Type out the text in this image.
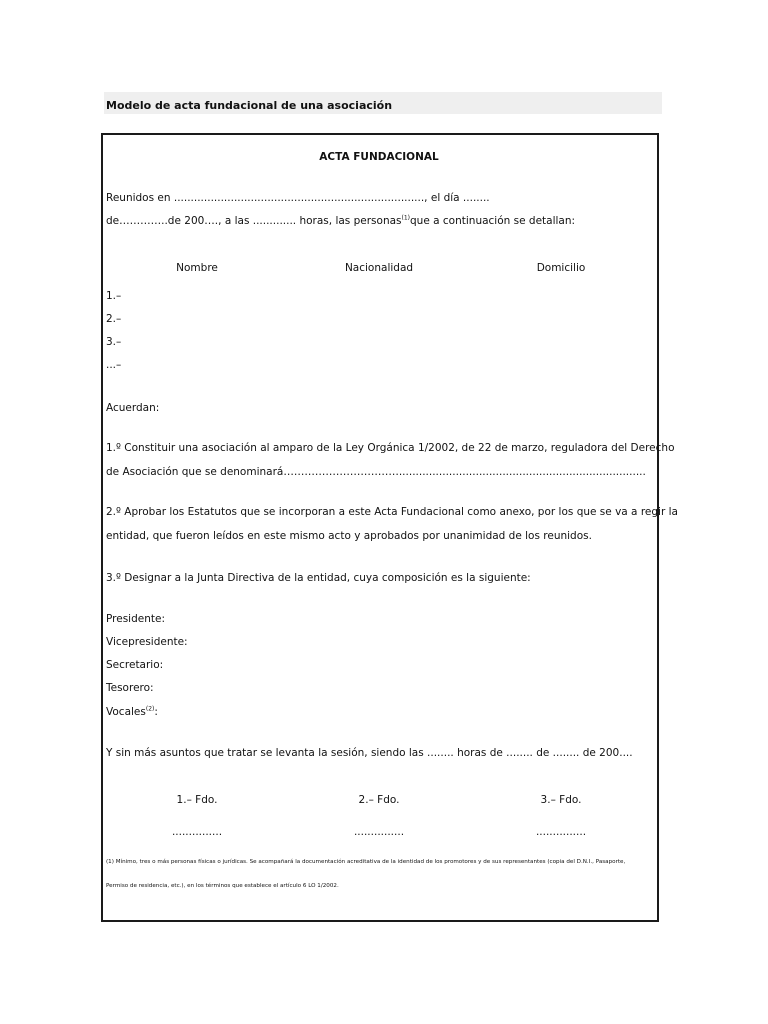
Modelo de acta fundacional de una asociación
ACTA FUNDACIONAL
Reunidos en ..........................................................................., el día ........
de…………..de 200…., a las ............. horas, las personas$^{(1)}$que a continuación se detallan:
Nombre	Nacionalidad	Domicilio
1.–
2.–
3.–
...–
Acuerdan:
1.º Constituir una asociación al amparo de la Ley Orgánica 1/2002, de 22 de marzo, reguladora del Derecho
de Asociación que se denominará……………………………..........................................................................
2.º Aprobar los Estatutos que se incorporan a este Acta Fundacional como anexo, por los que se va a regir la
entidad, que fueron leídos en este mismo acto y aprobados por unanimidad de los reunidos.
3.º Designar a la Junta Directiva de la entidad, cuya composición es la siguiente:
Presidente:
Vicepresidente:
Secretario:
Tesorero:
Vocales$^{(2)}$:
Y sin más asuntos que tratar se levanta la sesión, siendo las ........ horas de ........ de ........ de 200....
1.– Fdo.	2.– Fdo.	3.– Fdo.
...............	...............	...............
(1) Mínimo, tres o más personas físicas o jurídicas. Se acompañará la documentación acreditativa de la identidad de los promotores y de sus representantes (copia del D.N.I., Pasaporte,
Permiso de residencia, etc.), en los términos que establece el artículo 6 LO 1/2002.
